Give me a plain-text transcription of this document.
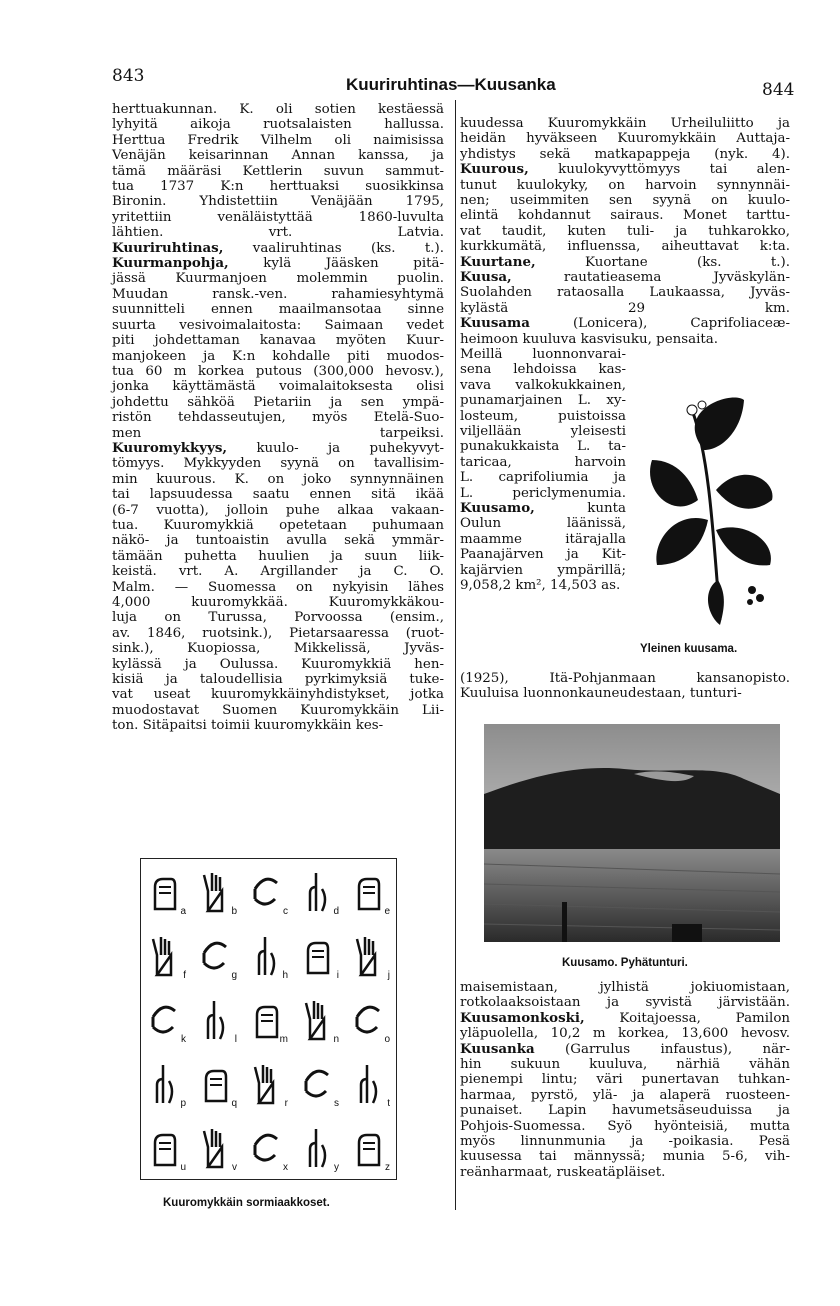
843	Kuuriruhtinas—Kuusanka	844

herttuakunnan. K. oli sotien kestäessä

lyhyitä aikoja ruotsalaisten hallussa.

Herttua Fredrik Vilhelm oli naimisissa

Venäjän keisarinnan Annan kanssa, ja

tämä määräsi Kettlerin suvun sammut-

tua 1737 K:n herttuaksi suosikkinsa

Bironin. Yhdistettiin Venäjään 1795,

yritettiin venäläistyttää 1860-luvulta

lähtien. vrt. Latvia.

Kuuriruhtinas, vaaliruhtinas (ks. t.).

Kuurmanpohja, kylä Jääsken pitä-

jässä Kuurmanjoen molemmin puolin.

Muudan ransk.-ven. rahamiesyhtymä

suunnitteli ennen maailmansotaa sinne

suurta vesivoimalaitosta: Saimaan vedet

piti johdettaman kanavaa myöten Kuur-

manjokeen ja K:n kohdalle piti muodos-

tua 60 m korkea putous (300,000 hevosv.),

jonka käyttämästä voimalaitoksesta olisi

johdettu sähköä Pietariin ja sen ympä-

ristön tehdasseutujen, myös Etelä-Suo-

men tarpeiksi.

Kuuromykkyys, kuulo- ja puhekyvyt-

tömyys. Mykkyyden syynä on tavallisim-

min kuurous. K. on joko synnynnäinen

tai lapsuudessa saatu ennen sitä ikää

(6-7 vuotta), jolloin puhe alkaa vakaan-

tua. Kuuromykkiä opetetaan puhumaan

näkö- ja tuntoaistin avulla sekä ymmär-

tämään puhetta huulien ja suun liik-

keistä. vrt. A. Argillander ja C. O.

Malm. — Suomessa on nykyisin lähes

4,000 kuuromykkää. Kuuromykkäkou-

luja on Turussa, Porvoossa (ensim.,

av. 1846, ruotsink.), Pietarsaaressa (ruot-

sink.), Kuopiossa, Mikkelissä, Jyväs-

kylässä ja Oulussa. Kuuromykkiä hen-

kisiä ja taloudellisia pyrkimyksiä tuke-

vat useat kuuromykkäinyhdistykset, jotka

muodostavat Suomen Kuuromykkäin Lii-

ton. Sitäpaitsi toimii kuuromykkäin kes-

kuudessa Kuuromykkäin Urheiluliitto ja

heidän hyväkseen Kuuromykkäin Auttaja-

yhdistys sekä matkapappeja (nyk. 4).

Kuurous, kuulokyvyttömyys tai alen-

tunut kuulokyky, on harvoin synnynnäi-

nen; useimmiten sen syynä on kuulo-

elintä kohdannut sairaus. Monet tarttu-

vat taudit, kuten tuli- ja tuhkarokko,

kurkkumätä, influenssa, aiheuttavat k:ta.

Kuurtane, Kuortane (ks. t.).

Kuusa, rautatieasema Jyväskylän-

Suolahden rataosalla Laukaassa, Jyväs-

kylästä 29 km.

Kuusama (Lonicera), Caprifoliaceæ-

heimoon kuuluva kasvisuku, pensaita.

Meillä luonnonvarai-

sena lehdoissa kas-

vava valkokukkainen,

punamarjainen L. xy-

losteum, puistoissa

viljellään yleisesti

punakukkaista L. ta-

taricaa, harvoin

L. caprifoliumia ja

L. periclymenumia.

Kuusamo, kunta

Oulun läänissä,

maamme itärajalla

Paanajärven ja Kit-

kajärvien ympärillä;

9,058,2 km², 14,503 as.

Yleinen kuusama.

(1925), Itä-Pohjanmaan kansanopisto.

Kuuluisa luonnonkauneudestaan, tunturi-

Kuusamo. Pyhätunturi.

maisemistaan, jylhistä jokiuomistaan,

rotkolaaksoistaan ja syvistä järvistään.

Kuusamonkoski, Koitajoessa, Pamilon

yläpuolella, 10,2 m korkea, 13,600 hevosv.

Kuusanka (Garrulus infaustus), när-

hin sukuun kuuluva, närhiä vähän

pienempi lintu; väri punertavan tuhkan-

harmaa, pyrstö, ylä- ja alaperä ruosteen-

punaiset. Lapin havumetsäseuduissa ja

Pohjois-Suomessa. Syö hyönteisiä, mutta

myös linnunmunia ja -poikasia. Pesä

kuusessa tai männyssä; munia 5-6, vih-

reänharmaat, ruskeatäpläiset.

a	b	c	d	e
f	g	h	i	j
k	l	m	n	o
p	q	r	s	t
u	v	x	y	z
Kuuromykkäin sormiaakkoset.
